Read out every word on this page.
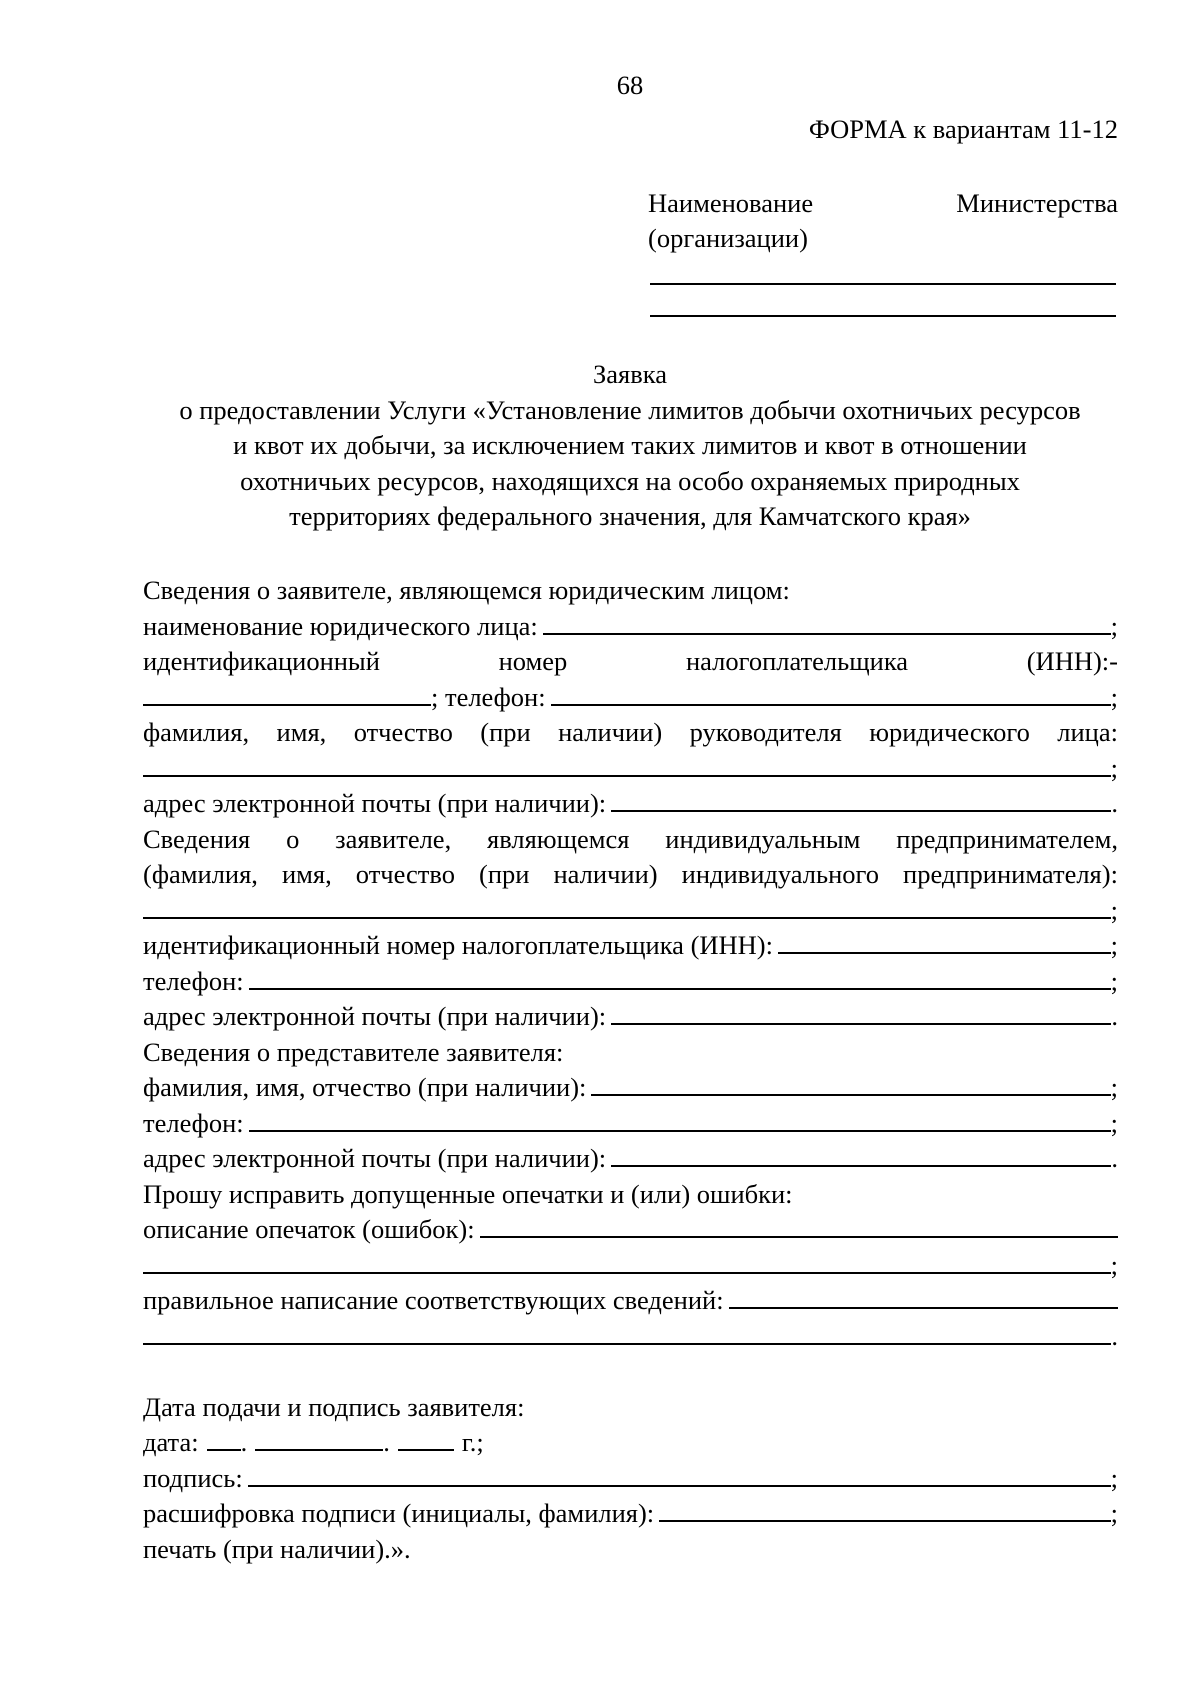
68
ФОРМА к вариантам 11-12
Наименование	Министерства
(организации)
Заявка
о предоставлении Услуги «Установление лимитов добычи охотничьих ресурсов
и квот их добычи, за исключением таких лимитов и квот в отношении
охотничьих ресурсов, находящихся на особо охраняемых природных
территориях федерального значения, для Камчатского края»
Сведения о заявителе, являющемся юридическим лицом:
наименование юридического лица:	;
идентификационный	номер	налогоплательщика	(ИНН):-
; телефон:	;
фамилия, имя, отчество (при наличии) руководителя юридического лица:
;
адрес электронной почты (при наличии):	.
Сведения о заявителе, являющемся индивидуальным предпринимателем,
(фамилия, имя, отчество (при наличии) индивидуального предпринимателя):
;
идентификационный номер налогоплательщика (ИНН):	;
телефон:	;
адрес электронной почты (при наличии):	.
Сведения о представителе заявителя:
фамилия, имя, отчество (при наличии):	;
телефон:	;
адрес электронной почты (при наличии):	.
Прошу исправить допущенные опечатки и (или) ошибки:
описание опечаток (ошибок):
;
правильное написание соответствующих сведений:
.
Дата подачи и подпись заявителя:
дата: .	.	г.;
подпись:	;
расшифровка подписи (инициалы, фамилия):	;
печать (при наличии).».
